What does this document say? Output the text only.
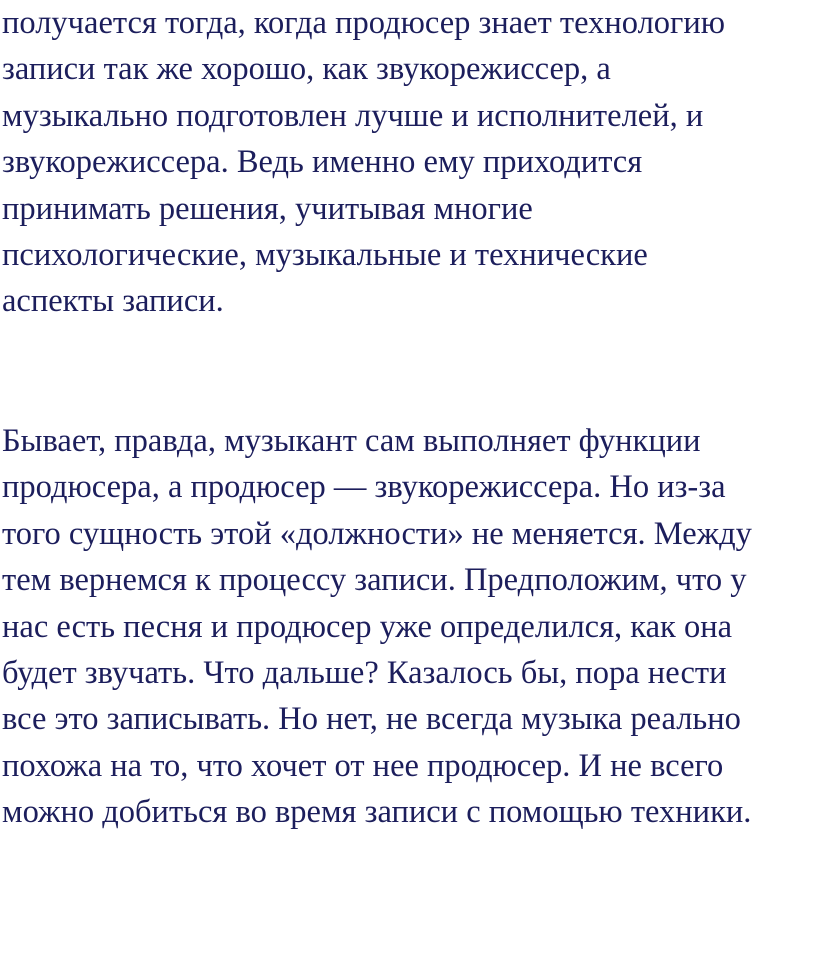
получается тогда, когда продюсер знает технологию
записи так же хорошо, как звукорежиссер, а
музыкально подготовлен лучше и исполнителей, и
звукорежиссера. Ведь именно ему приходится
принимать решения, учитывая многие
психологические, музыкальные и технические
аспекты записи.

Бывает, правда, музыкант сам выполняет функции
продюсера, а продюсер — звукорежиссера. Но из-за
того сущность этой «должности» не меняется. Между
тем вернемся к процессу записи. Предположим, что у
нас есть песня и продюсер уже определился, как она
будет звучать. Что дальше? Казалось бы, пора нести
все это записывать. Но нет, не всегда музыка реально
похожа на то, что хочет от нее продюсер. И не всего
можно добиться во время записи с помощью техники.
